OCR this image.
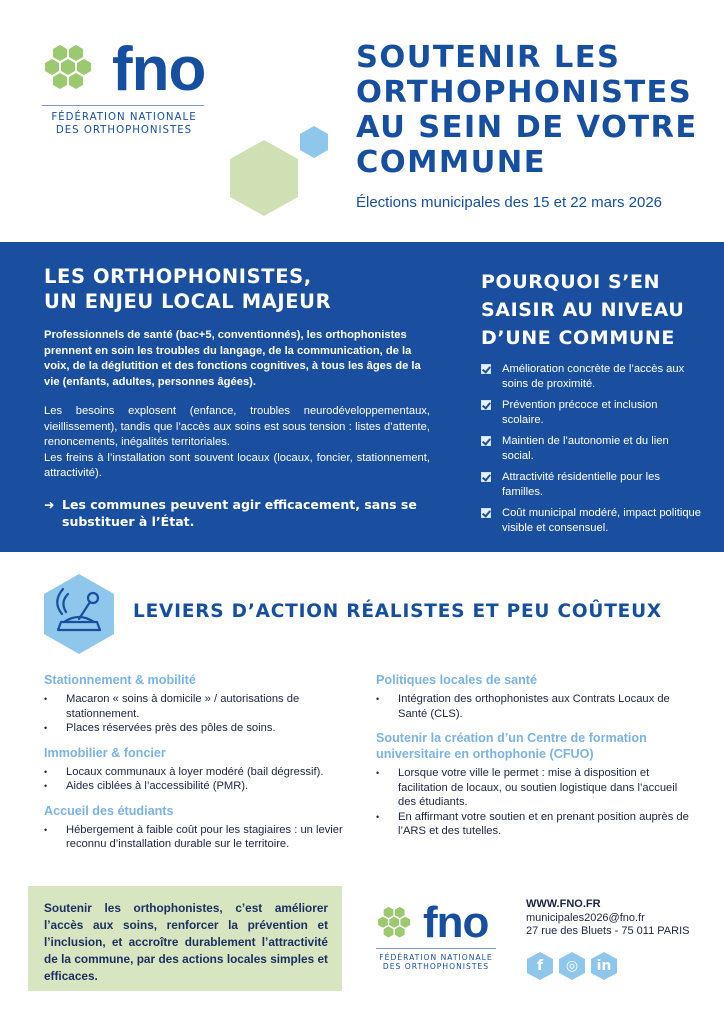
fno
FÉDÉRATION NATIONALE
DES ORTHOPHONISTES
SOUTENIR LES
ORTHOPHONISTES
AU SEIN DE VOTRE
COMMUNE
Élections municipales des 15 et 22 mars 2026
LES ORTHOPHONISTES,
UN ENJEU LOCAL MAJEUR

Professionnels de santé (bac+5, conventionnés), les orthophonistes prennent en soin les troubles du langage, de la communication, de la voix, de la déglutition et des fonctions cognitives, à tous les âges de la vie (enfants, adultes, personnes âgées).

Les besoins explosent (enfance, troubles neurodéveloppementaux, vieillissement), tandis que l’accès aux soins est sous tension : listes d’attente, renoncements, inégalités territoriales.

Les freins à l’installation sont souvent locaux (locaux, foncier, stationnement, attractivité).

➜ Les communes peuvent agir efficacement, sans se substituer à l’État.
POURQUOI S’EN
SAISIR AU NIVEAU
D’UNE COMMUNE
Amélioration concrète de l’accès aux soins de proximité.
Prévention précoce et inclusion scolaire.
Maintien de l’autonomie et du lien social.
Attractivité résidentielle pour les familles.
Coût municipal modéré, impact politique visible et consensuel.
LEVIERS D’ACTION RÉALISTES ET PEU COÛTEUX
Stationnement & mobilité
•	Macaron « soins à domicile » / autorisations de stationnement.
•	Places réservées près des pôles de soins.
Immobilier & foncier
•	Locaux communaux à loyer modéré (bail dégressif).
•	Aides ciblées à l’accessibilité (PMR).
Accueil des étudiants
•	Hébergement à faible coût pour les stagiaires : un levier reconnu d’installation durable sur le territoire.
Politiques locales de santé
•	Intégration des orthophonistes aux Contrats Locaux de Santé (CLS).
Soutenir la création d’un Centre de formation universitaire en orthophonie (CFUO)
•	Lorsque votre ville le permet : mise à disposition et facilitation de locaux, ou soutien logistique dans l’accueil des étudiants.
•	En affirmant votre soutien et en prenant position auprès de l’ARS et des tutelles.

Soutenir les orthophonistes, c’est améliorer l’accès aux soins, renforcer la prévention et l’inclusion, et accroître durablement l’attractivité de la commune, par des actions locales simples et efficaces.

fno
FÉDÉRATION NATIONALE
DES ORTHOPHONISTES
WWW.FNO.FR
municipales2026@fno.fr
27 rue des Bluets - 75 011 PARIS
f	◎	in
